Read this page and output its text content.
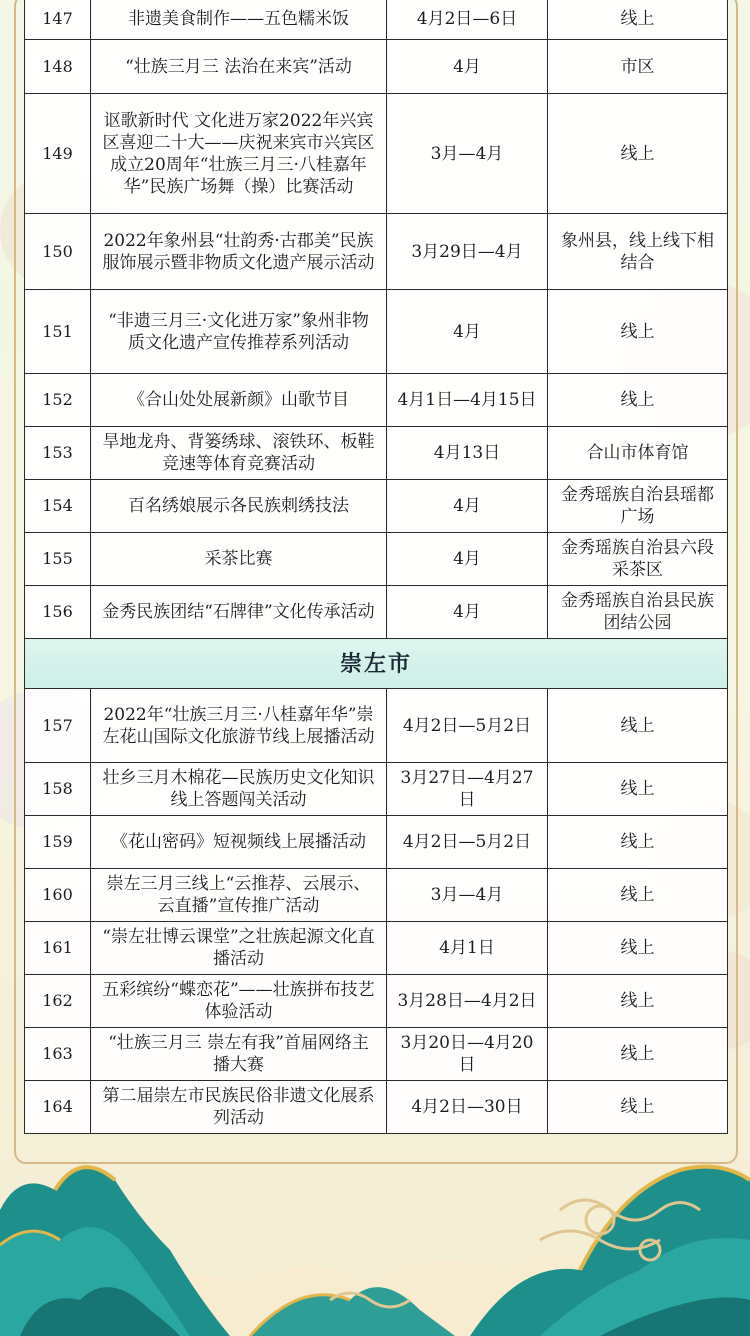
147	非遗美食制作——五色糯米饭	4月2日—6日	线上
148	“壮族三月三 法治在来宾”活动	4月	市区
149	讴歌新时代 文化进万家2022年兴宾区喜迎二十大——庆祝来宾市兴宾区成立20周年“壮族三月三·八桂嘉年华”民族广场舞（操）比赛活动	3月—4月	线上
150	2022年象州县“壮韵秀·古郡美”民族服饰展示暨非物质文化遗产展示活动	3月29日—4月	象州县，线上线下相结合
151	“非遗三月三·文化进万家”象州非物质文化遗产宣传推荐系列活动	4月	线上
152	《合山处处展新颜》山歌节目	4月1日—4月15日	线上
153	旱地龙舟、背篓绣球、滚铁环、板鞋竞速等体育竞赛活动	4月13日	合山市体育馆
154	百名绣娘展示各民族刺绣技法	4月	金秀瑶族自治县瑶都广场
155	采茶比赛	4月	金秀瑶族自治县六段采茶区
156	金秀民族团结“石牌律”文化传承活动	4月	金秀瑶族自治县民族团结公园
崇左市			
157	2022年“壮族三月三·八桂嘉年华”崇左花山国际文化旅游节线上展播活动	4月2日—5月2日	线上
158	壮乡三月木棉花—民族历史文化知识线上答题闯关活动	3月27日—4月27日	线上
159	《花山密码》短视频线上展播活动	4月2日—5月2日	线上
160	崇左三月三线上“云推荐、云展示、云直播”宣传推广活动	3月—4月	线上
161	“崇左壮博云课堂”之壮族起源文化直播活动	4月1日	线上
162	五彩缤纷“蝶恋花”——壮族拼布技艺体验活动	3月28日—4月2日	线上
163	“壮族三月三 崇左有我”首届网络主播大赛	3月20日—4月20日	线上
164	第二届崇左市民族民俗非遗文化展系列活动	4月2日—30日	线上
